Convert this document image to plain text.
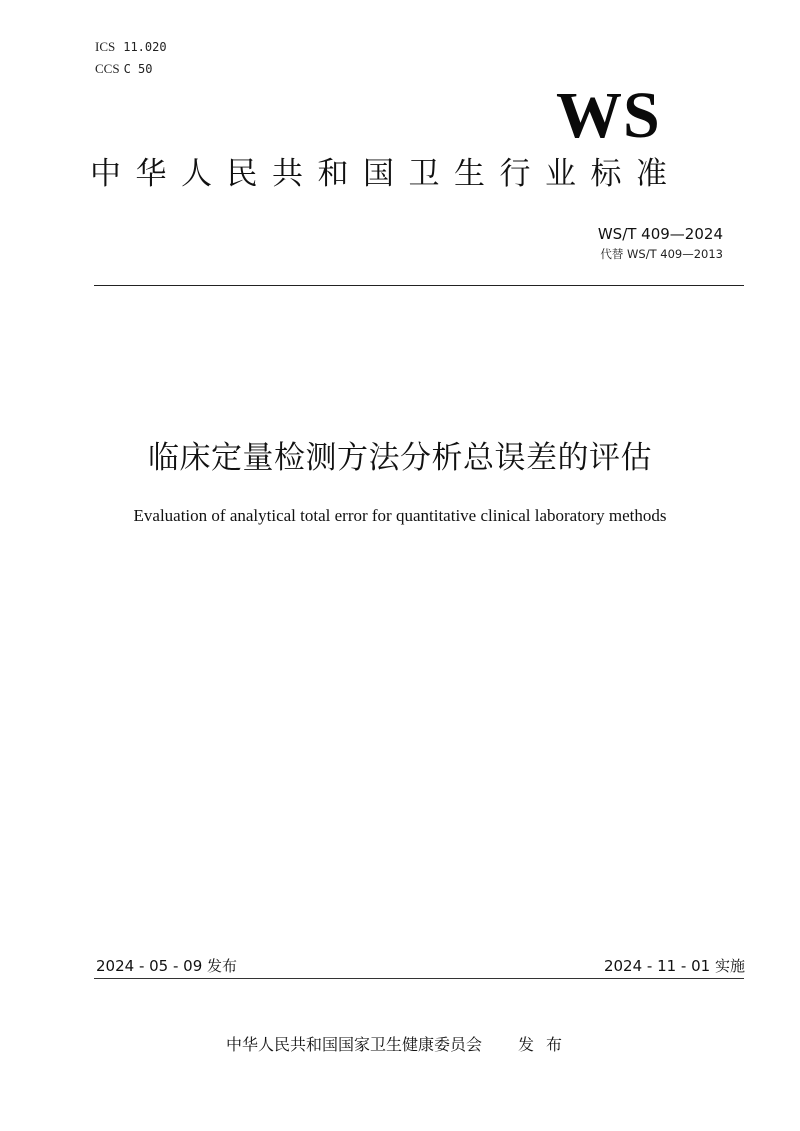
ICS 11.020
CCS C 50
WS
中华人民共和国卫生行业标准
WS/T 409—2024
代替 WS/T 409—2013
临床定量检测方法分析总误差的评估
Evaluation of analytical total error for quantitative clinical laboratory methods
2024 - 05 - 09 发布	2024 - 11 - 01 实施
中华人民共和国国家卫生健康委员会 发布
